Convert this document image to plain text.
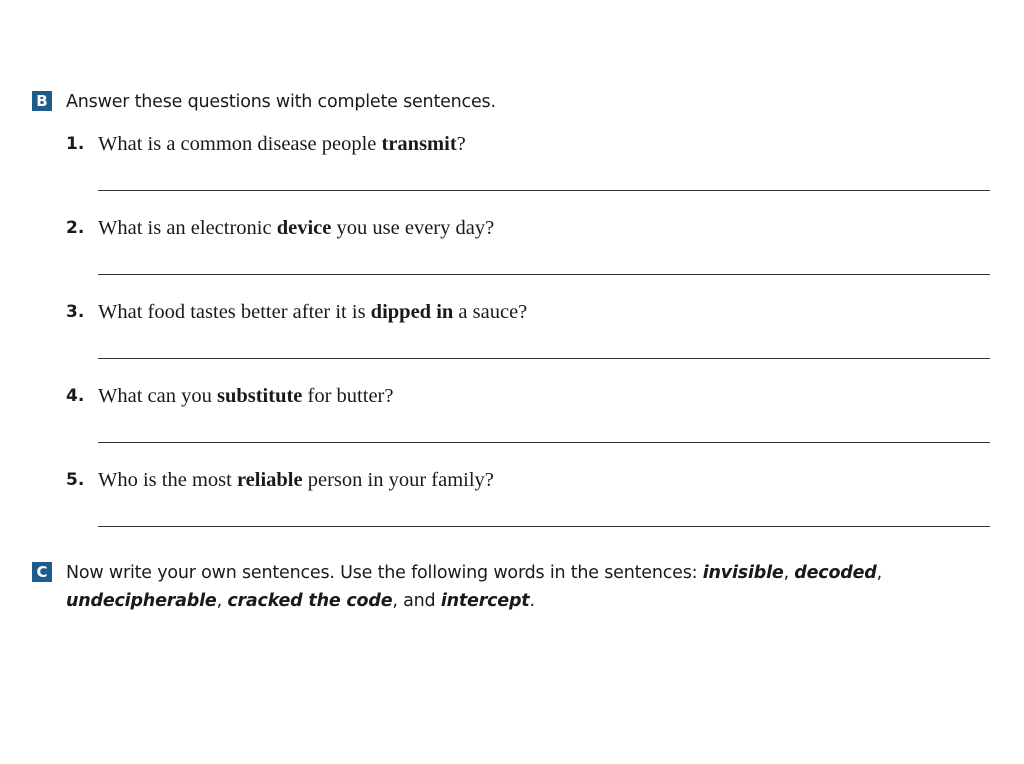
B Answer these questions with complete sentences.
1. What is a common disease people transmit?
2. What is an electronic device you use every day?
3. What food tastes better after it is dipped in a sauce?
4. What can you substitute for butter?
5. Who is the most reliable person in your family?
C Now write your own sentences. Use the following words in the sentences: invisible, decoded, undecipherable, cracked the code, and intercept.
